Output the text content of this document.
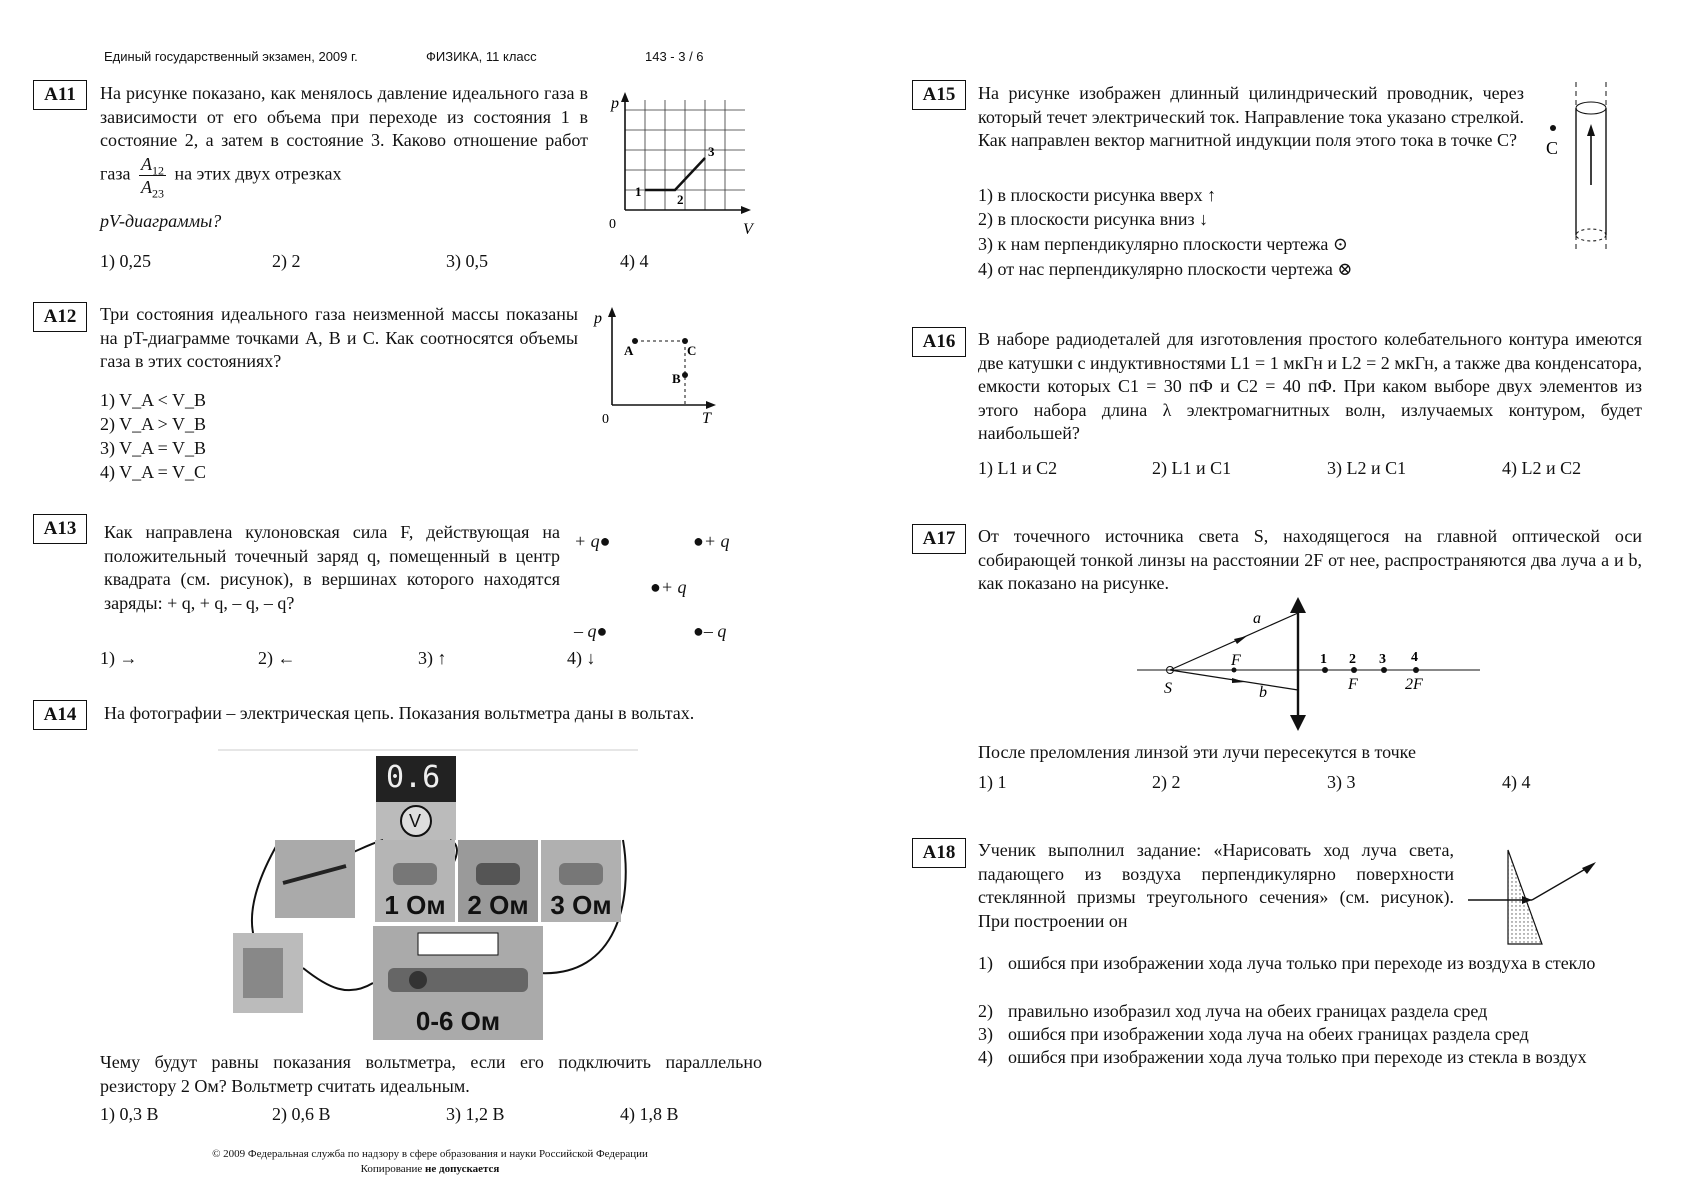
Единый государственный экзамен, 2009 г.	ФИЗИКА, 11 класс	143 - 3 / 6
A11	На рисунке показано, как менялось давление идеального газа в зависимости от его объема при переходе из состояния 1 в состояние 2, а затем в состояние 3. Каково отношение работ газа $\frac{A_{12}}{A_{23}}$ на этих двух отрезках
pV-диаграммы?
p
V
0
1
2
3
1) 0,25	2) 2	3) 0,5	4) 4
A12	Три состояния идеального газа неизменной массы показаны на pT-диаграмме точками A, B и C. Как соотносятся объемы газа в этих состояниях?
1) V_A < V_B
2) V_A > V_B
3) V_A = V_B
4) V_A = V_C
p
T
0
A	C
B
A13	Как направлена кулоновская сила F, действующая на положительный точечный заряд q, помещенный в центр квадрата (см. рисунок), в вершинах которого находятся заряды: + q, + q, – q, – q?
+ q●	●+ q
●+ q
– q●	●– q
1) →	2) ←	3) ↑	4) ↓
A14	На фотографии – электрическая цепь. Показания вольтметра даны в вольтах.
0.6
V
1 Ом 2 Ом 3 Ом
0-6 Ом
Чему будут равны показания вольтметра, если его подключить параллельно резистору 2 Ом? Вольтметр считать идеальным.
1) 0,3 В	2) 0,6 В	3) 1,2 В	4) 1,8 В
© 2009 Федеральная служба по надзору в сфере образования и науки Российской Федерации
Копирование не допускается
A15	На рисунке изображен длинный цилиндрический проводник, через который течет электрический ток. Направление тока указано стрелкой. Как направлен вектор магнитной индукции поля этого тока в точке С?
1) в плоскости рисунка вверх ↑
2) в плоскости рисунка вниз ↓
3) к нам перпендикулярно плоскости чертежа ⊙
4) от нас перпендикулярно плоскости чертежа ⊗
C
A16	В наборе радиодеталей для изготовления простого колебательного контура имеются две катушки с индуктивностями L1 = 1 мкГн и L2 = 2 мкГн, а также два конденсатора, емкости которых C1 = 30 пФ и C2 = 40 пФ. При каком выборе двух элементов из этого набора длина λ электромагнитных волн, излучаемых контуром, будет наибольшей?
1) L1 и C2	2) L1 и C1	3) L2 и C1	4) L2 и C2
A17	От точечного источника света S, находящегося на главной оптической оси собирающей тонкой линзы на расстоянии 2F от нее, распространяются два луча a и b, как показано на рисунке.
S
F
a
b
1 2 3 4
F	2F
После преломления линзой эти лучи пересекутся в точке
1) 1	2) 2	3) 3	4) 4
A18	Ученик выполнил задание: «Нарисовать ход луча света, падающего из воздуха перпендикулярно поверхности стеклянной призмы треугольного сечения» (см. рисунок). При построении он
1) ошибся при изображении хода луча только при переходе из воздуха в стекло
2) правильно изобразил ход луча на обеих границах раздела сред
3) ошибся при изображении хода луча на обеих границах раздела сред
4) ошибся при изображении хода луча только при переходе из стекла в воздух
